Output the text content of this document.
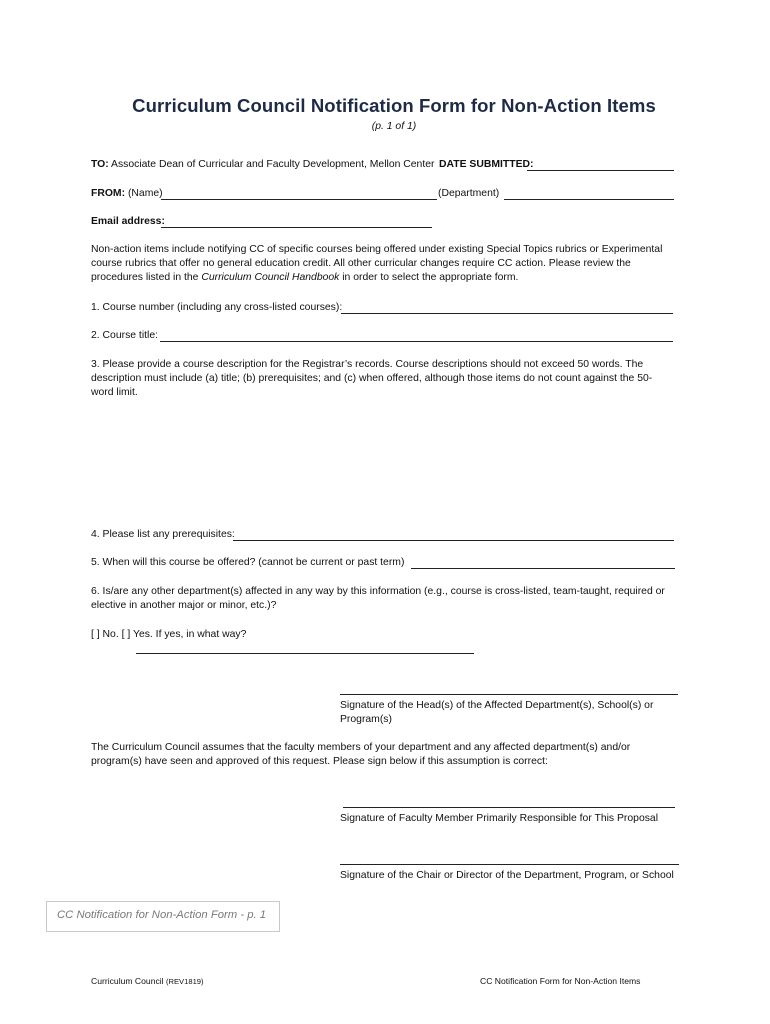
Curriculum Council Notification Form for Non-Action Items
(p. 1 of 1)
TO: Associate Dean of Curricular and Faculty Development, Mellon Center DATE SUBMITTED:
FROM: (Name)	(Department)
Email address:
Non-action items include notifying CC of specific courses being offered under existing Special Topics rubrics or Experimental course rubrics that offer no general education credit. All other curricular changes require CC action. Please review the procedures listed in the Curriculum Council Handbook in order to select the appropriate form.
1. Course number (including any cross-listed courses):
2. Course title:
3. Please provide a course description for the Registrar’s records. Course descriptions should not exceed 50 words. The description must include (a) title; (b) prerequisites; and (c) when offered, although those items do not count against the 50-word limit.
4. Please list any prerequisites:
5. When will this course be offered? (cannot be current or past term)
6. Is/are any other department(s) affected in any way by this information (e.g., course is cross-listed, team-taught, required or elective in another major or minor, etc.)?
[ ] No. [ ] Yes. If yes, in what way?
Signature of the Head(s) of the Affected Department(s), School(s) or Program(s)
The Curriculum Council assumes that the faculty members of your department and any affected department(s) and/or program(s) have seen and approved of this request. Please sign below if this assumption is correct:
Signature of Faculty Member Primarily Responsible for This Proposal
Signature of the Chair or Director of the Department, Program, or School
CC Notification for Non-Action Form - p. 1
Curriculum Council (REV1819)	CC Notification Form for Non-Action Items
